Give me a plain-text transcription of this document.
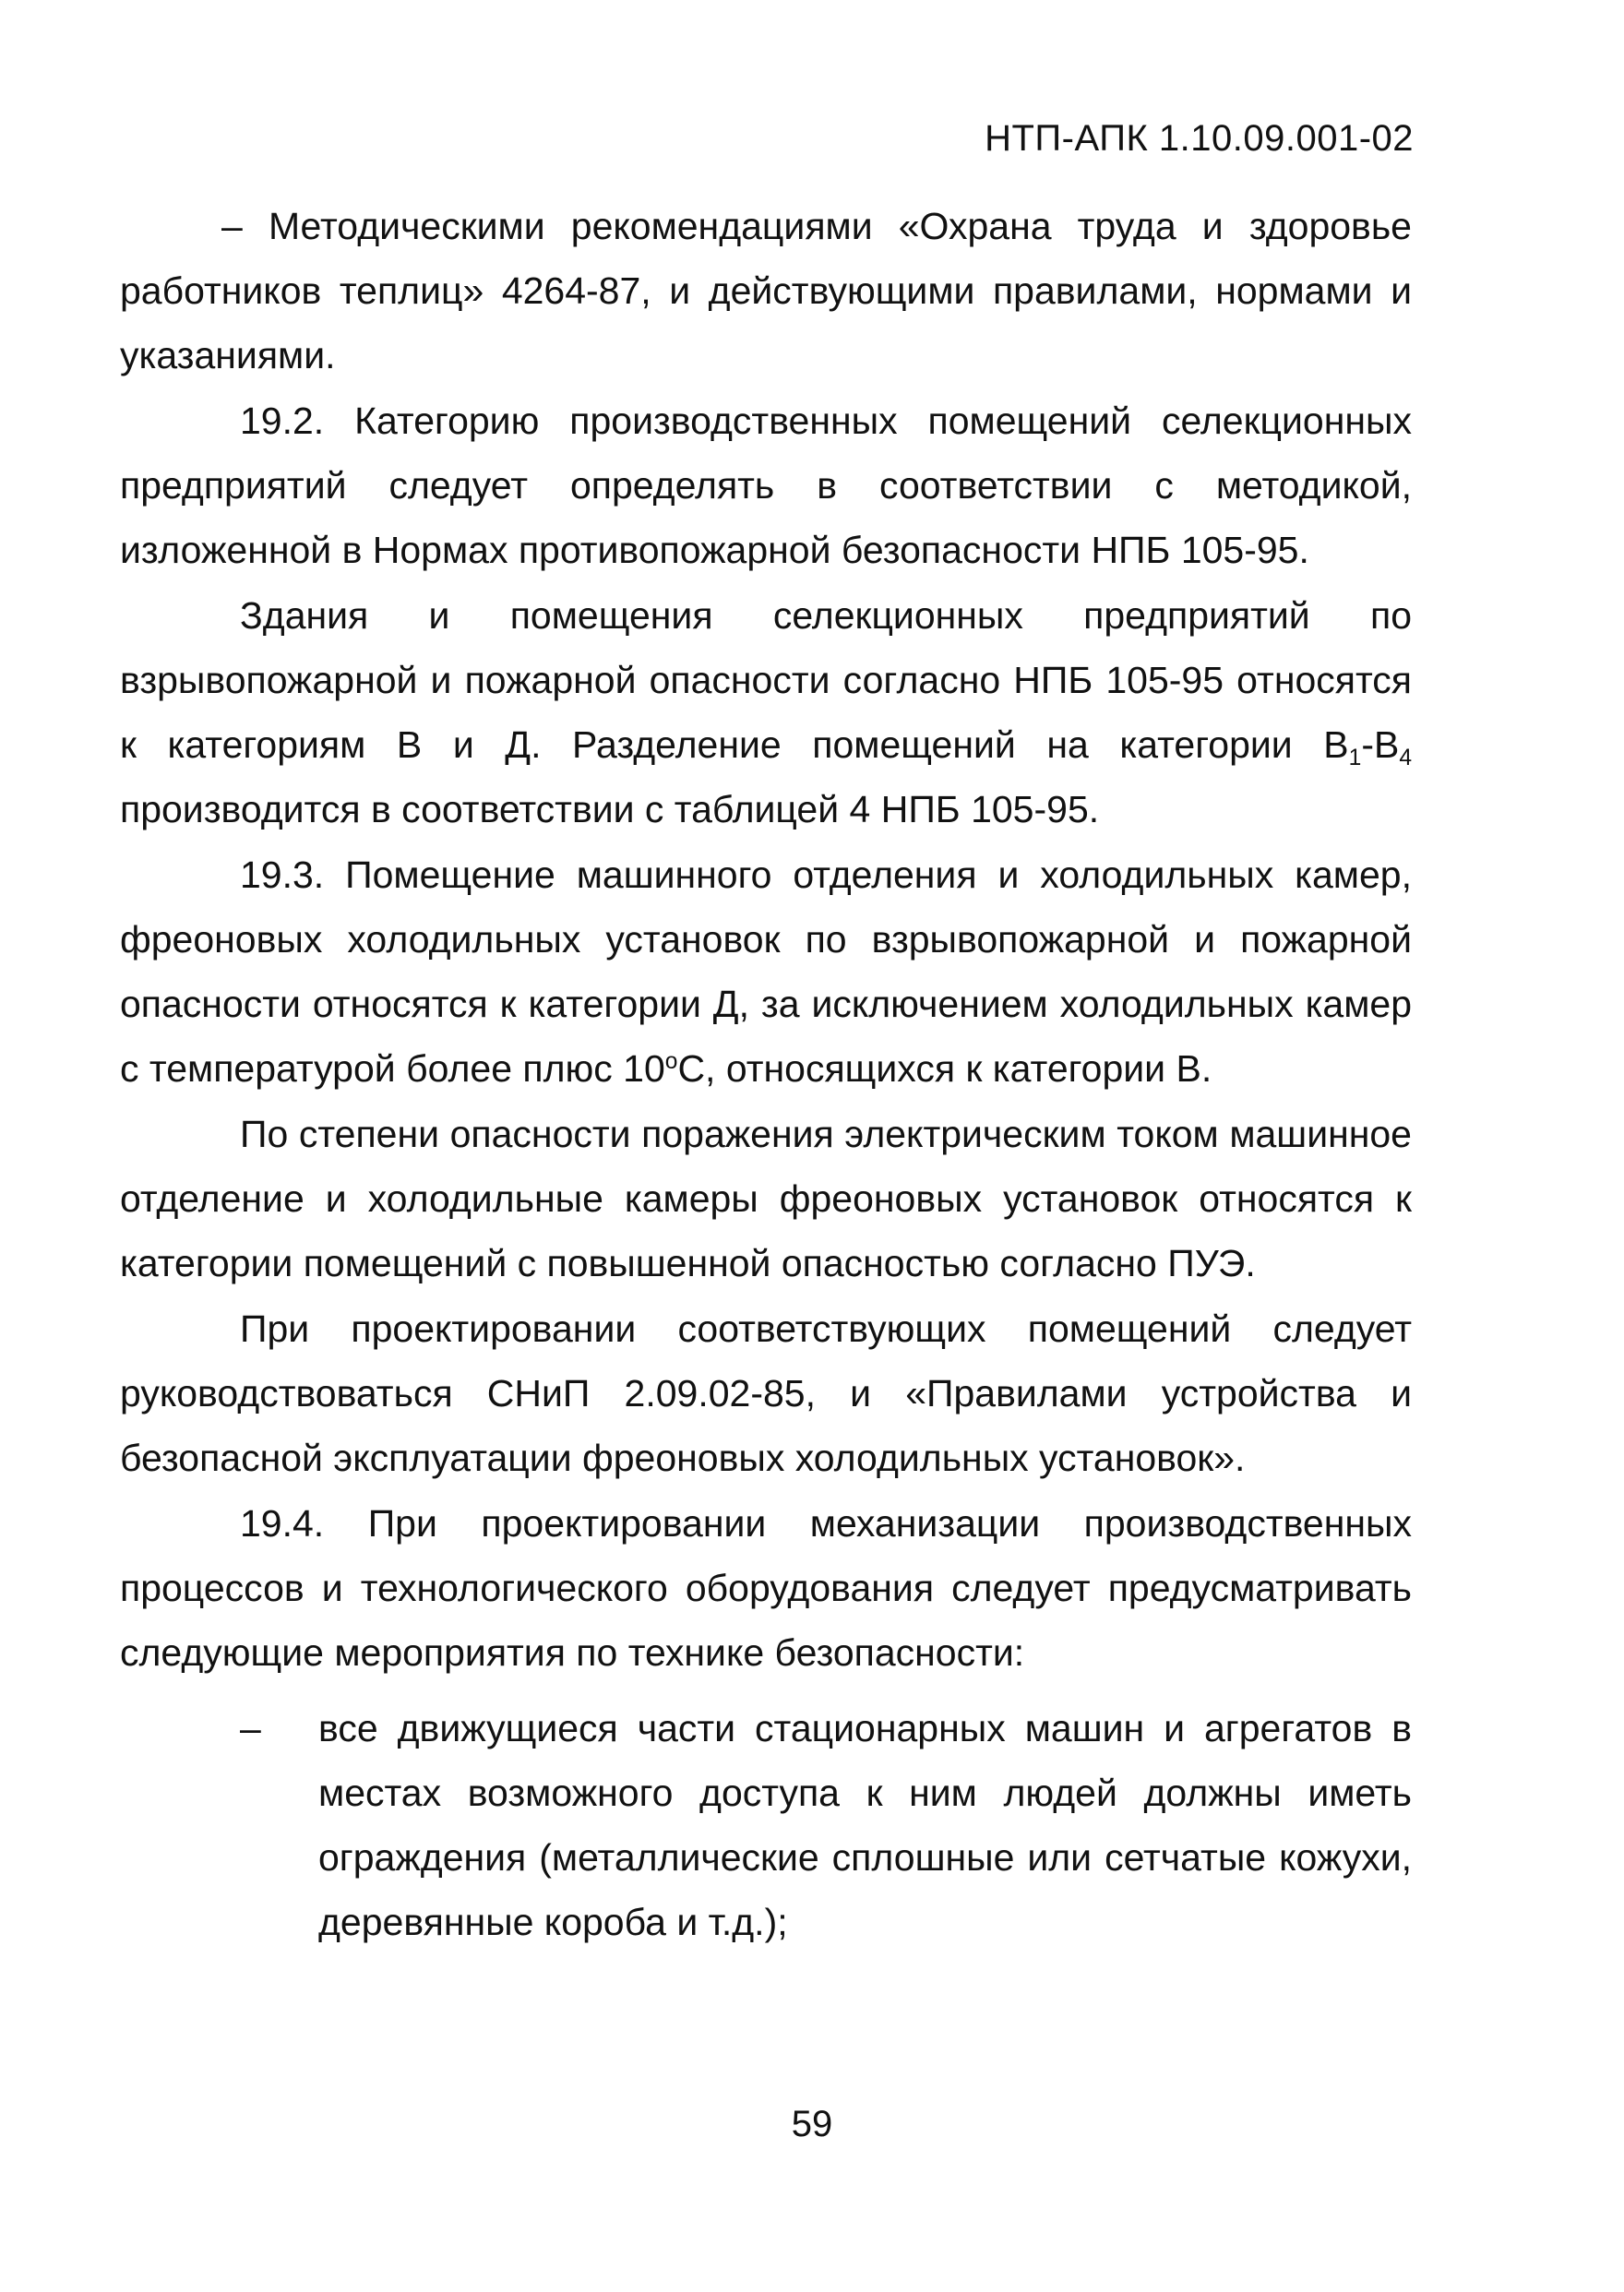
НТП-АПК 1.10.09.001-02

– Методическими рекомендациями «Охрана труда и здоровье работников теплиц» 4264-87, и действующими правилами, нормами и указаниями.

19.2. Категорию производственных помещений селекционных предприятий следует определять в соответствии с методикой, изложенной в Нормах противопожарной безопасности НПБ 105-95.

Здания и помещения селекционных предприятий по взрывопожарной и пожарной опасности согласно НПБ 105-95 относятся к категориям В и Д. Разделение помещений на категории $В_1-В_4$ производится в соответствии с таблицей 4 НПБ 105-95.

19.3. Помещение машинного отделения и холодильных камер, фреоновых холодильных установок по взрывопожарной и пожарной опасности относятся к категории Д, за исключением холодильных камер с температурой более плюс $10^оС$, относящихся к категории В.

По степени опасности поражения электрическим током машинное отделение и холодильные камеры фреоновых установок относятся к категории помещений с повышенной опасностью согласно ПУЭ.

При проектировании соответствующих помещений следует руководствоваться СНиП 2.09.02-85, и «Правилами устройства и безопасной эксплуатации фреоновых холодильных установок».

19.4. При проектировании механизации производственных процессов и технологического оборудования следует предусматривать следующие мероприятия по технике безопасности:

– все движущиеся части стационарных машин и агрегатов в местах возможного доступа к ним людей должны иметь ограждения (металлические сплошные или сетчатые кожухи, деревянные короба и т.д.);
59
